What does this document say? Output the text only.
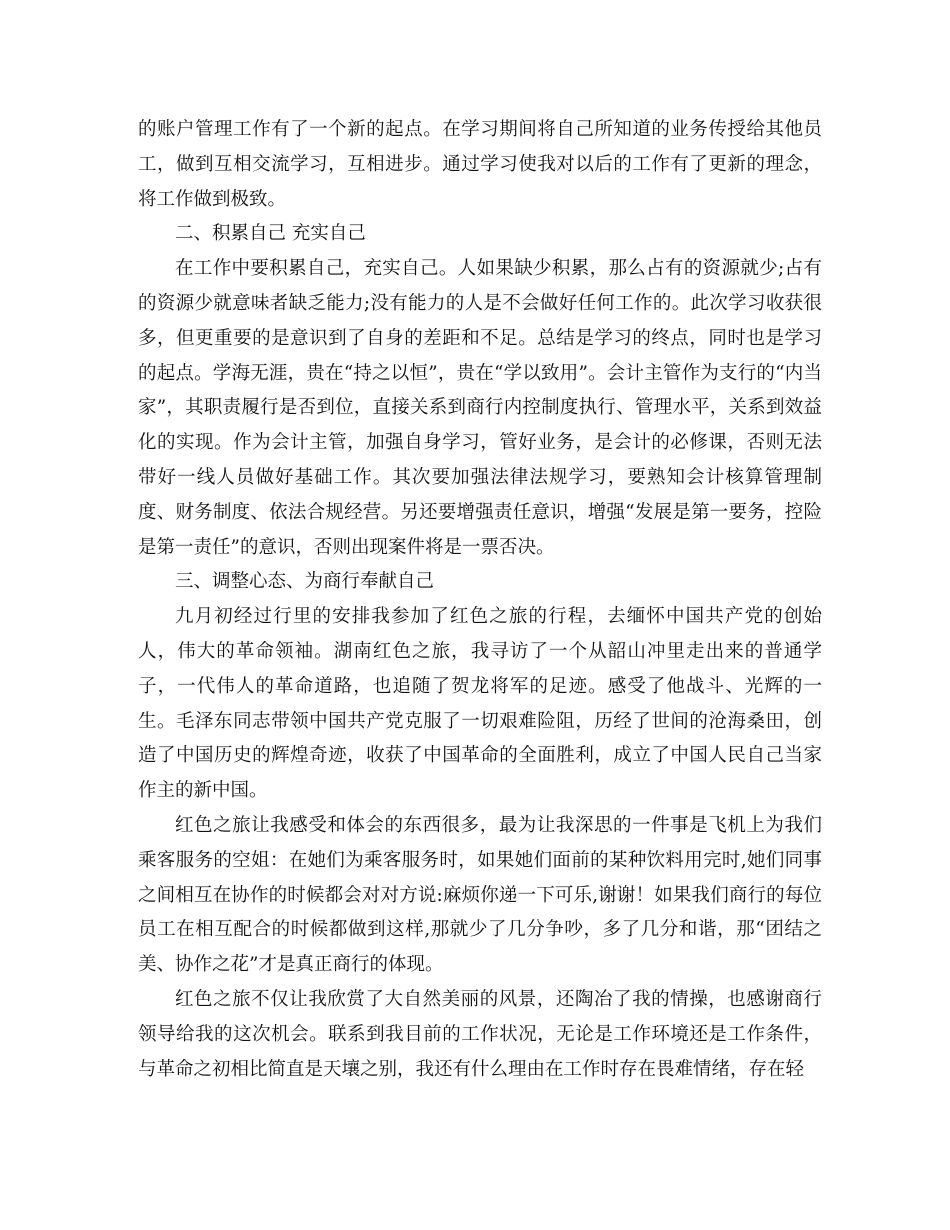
的账户管理工作有了一个新的起点。在学习期间将自己所知道的业务传授给其他员工，做到互相交流学习，互相进步。通过学习使我对以后的工作有了更新的理念，将工作做到极致。

二、积累自己 充实自己

在工作中要积累自己，充实自己。人如果缺少积累，那么占有的资源就少;占有的资源少就意味者缺乏能力;没有能力的人是不会做好任何工作的。此次学习收获很多，但更重要的是意识到了自身的差距和不足。总结是学习的终点，同时也是学习的起点。学海无涯，贵在“持之以恒”，贵在“学以致用”。会计主管作为支行的“内当家”，其职责履行是否到位，直接关系到商行内控制度执行、管理水平，关系到效益化的实现。作为会计主管，加强自身学习，管好业务，是会计的必修课，否则无法带好一线人员做好基础工作。其次要加强法律法规学习，要熟知会计核算管理制度、财务制度、依法合规经营。另还要增强责任意识，增强“发展是第一要务，控险是第一责任”的意识，否则出现案件将是一票否决。

三、调整心态、为商行奉献自己

九月初经过行里的安排我参加了红色之旅的行程，去缅怀中国共产党的创始人，伟大的革命领袖。湖南红色之旅，我寻访了一个从韶山冲里走出来的普通学子，一代伟人的革命道路，也追随了贺龙将军的足迹。感受了他战斗、光辉的一生。毛泽东同志带领中国共产党克服了一切艰难险阻，历经了世间的沧海桑田，创造了中国历史的辉煌奇迹，收获了中国革命的全面胜利，成立了中国人民自己当家作主的新中国。

红色之旅让我感受和体会的东西很多，最为让我深思的一件事是飞机上为我们乘客服务的空姐：在她们为乘客服务时，如果她们面前的某种饮料用完时,她们同事之间相互在协作的时候都会对对方说:麻烦你递一下可乐,谢谢！如果我们商行的每位员工在相互配合的时候都做到这样,那就少了几分争吵，多了几分和谐，那“团结之美、协作之花”才是真正商行的体现。

红色之旅不仅让我欣赏了大自然美丽的风景，还陶冶了我的情操，也感谢商行领导给我的这次机会。联系到我目前的工作状况，无论是工作环境还是工作条件，与革命之初相比简直是天壤之别，我还有什么理由在工作时存在畏难情绪，存在轻
